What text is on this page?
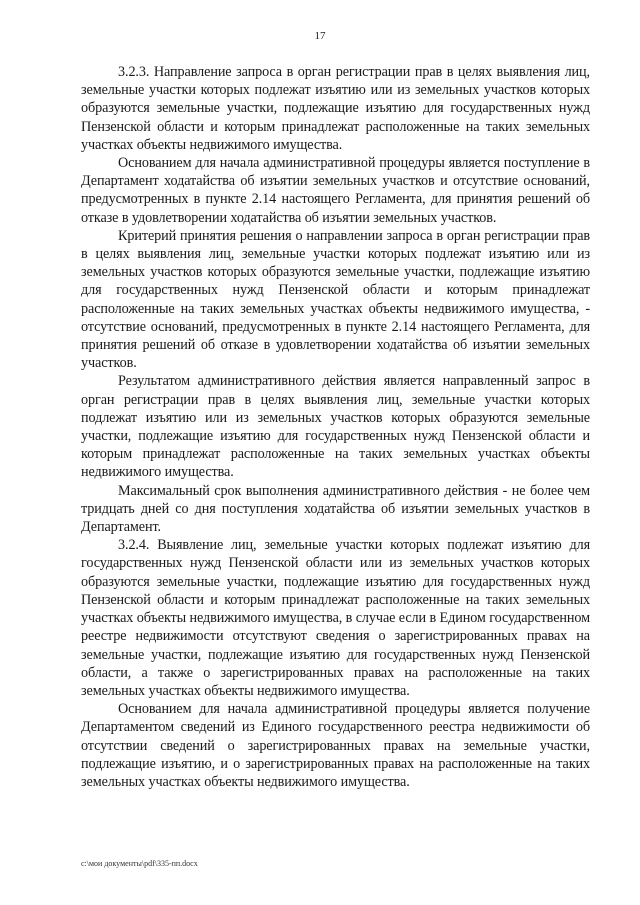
17

3.2.3. Направление запроса в орган регистрации прав в целях выявления лиц, земельные участки которых подлежат изъятию или из земельных участков которых образуются земельные участки, подлежащие изъятию для государственных нужд Пензенской области и которым принадлежат расположенные на таких земельных участках объекты недвижимого имущества.

Основанием для начала административной процедуры является поступление в Департамент ходатайства об изъятии земельных участков и отсутствие оснований, предусмотренных в пункте 2.14 настоящего Регламента, для принятия решений об отказе в удовлетворении ходатайства об изъятии земельных участков.

Критерий принятия решения о направлении запроса в орган регистрации прав в целях выявления лиц, земельные участки которых подлежат изъятию или из земельных участков которых образуются земельные участки, подлежащие изъятию для государственных нужд Пензенской области и которым принадлежат расположенные на таких земельных участках объекты недвижимого имущества, - отсутствие оснований, предусмотренных в пункте 2.14 настоящего Регламента, для принятия решений об отказе в удовлетворении ходатайства об изъятии земельных участков.

Результатом административного действия является направленный запрос в орган регистрации прав в целях выявления лиц, земельные участки которых подлежат изъятию или из земельных участков которых образуются земельные участки, подлежащие изъятию для государственных нужд Пензенской области и которым принадлежат расположенные на таких земельных участках объекты недвижимого имущества.

Максимальный срок выполнения административного действия - не более чем тридцать дней со дня поступления ходатайства об изъятии земельных участков в Департамент.

3.2.4. Выявление лиц, земельные участки которых подлежат изъятию для государственных нужд Пензенской области или из земельных участков которых образуются земельные участки, подлежащие изъятию для государственных нужд Пензенской области и которым принадлежат расположенные на таких земельных участках объекты недвижимого имущества, в случае если в Едином государственном реестре недвижимости отсутствуют сведения о зарегистрированных правах на земельные участки, подлежащие изъятию для государственных нужд Пензенской области, а также о зарегистрированных правах на расположенные на таких земельных участках объекты недвижимого имущества.

Основанием для начала административной процедуры является получение Департаментом сведений из Единого государственного реестра недвижимости об отсутствии сведений о зарегистрированных правах на земельные участки, подлежащие изъятию, и о зарегистрированных правах на расположенные на таких земельных участках объекты недвижимого имущества.

c:\мои документы\pdf\335-пп.docx
